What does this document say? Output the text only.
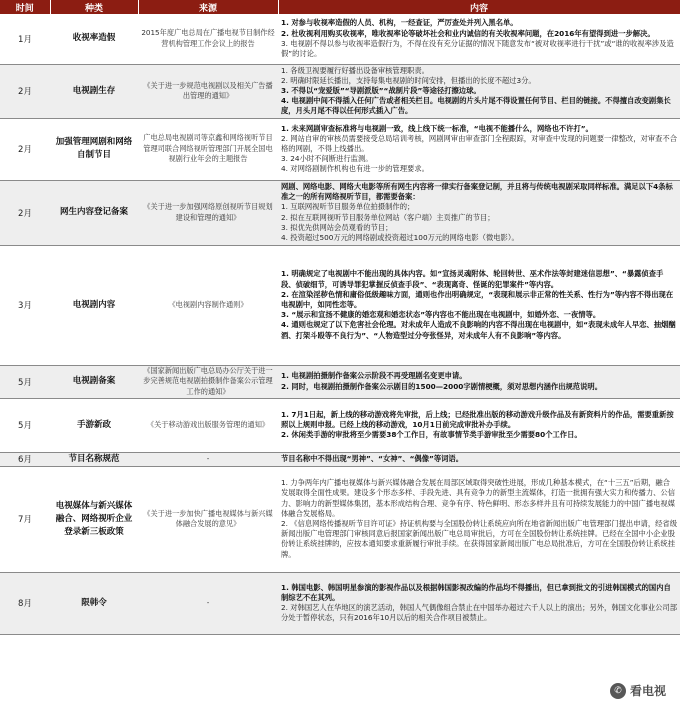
时间	种类	来源	内容
1月	收视率造假	2015年度广电总局在广播电视节目制作经营机构管理工作会议上的报告	1. 对参与收视率造假的人员、机构，一经查证，严厉查处并列入黑名单。

2. 杜收视利用购买收视率，唯收视率论等破坏社会和业内诚信的有关收视率问题，在2016年有望得到进一步解决。

3. 电视剧不得以参与收视率造假行为，不得在没有充分证据的情况下随意发布“被对收视率进行干扰”或“谁的收视率涉及造假”的讨论。

2月	电视剧生存	《关于进一步规范电视剧以及相关广告播出管理的通知》	1. 各级卫视要履行好播出设备审核管理职责。

2. 明确时限延长播出，支持每集电视剧的时间安排，但播出的长度不超过3分。

3. 不得以“宠爱版”“导剧派版”“战制片段”等途径打擦边球。

4. 电视剧中间不得插入任何广告或者相关栏目。电视剧的片头片尾不得设置任何节目、栏目的链接。不得擅自改变剧集长度，月头月尾不得以任何形式插入广告。

2月	加强管理网剧和网络自制节目	广电总局电视剧司等京鑫和网络视听节目管理司联合网络视听管理部门开展全国电视剧行业年会的主题报告	1. 未来网剧审查标准将与电视剧一致，线上线下统一标准，“电视不能播什么，网络也不许打”。

2. 网站自审的审核员需要接受总局培训考核，网剧网审由审查部门全程跟踪，对审查中发现的问题要一律整改，对审查不合格的网剧，不得上线播出。

3. 24小时不间断进行监测。

4. 对网络剧制作机构也有进一步的管理要求。

2月	网生内容登记备案	《关于进一步加强网络原创视听节目规划建设和管理的通知》	网剧、网络电影、网络大电影等所有网生内容将一律实行备案登记制，并且将与传统电视剧采取同样标准。满足以下4条标准之一的所有网络视听节目，都需要备案：

1. 互联网视听节目服务单位拍摄制作的；

2. 拟在互联网视听节目服务单位网站（客户端）主页推广的节目；

3. 拟优先供网站会员观看的节目；

4. 投资超过500万元的网络剧或投资超过100万元的网络电影（微电影）。

3月	电视剧内容	《电视剧内容制作通则》	1. 明确规定了电视剧中不能出现的具体内容。如“宣扬灵魂附体、轮回转世、巫术作法等封建迷信思想”、“暴露侦查手段、侦破细节，可诱导罪犯掌握反侦查手段”、“表现离奇、怪诞的犯罪案件”等内容。

2. 在渲染淫秽色情和庸俗低级趣味方面，通则也作出明确规定，“表现和展示非正常的性关系、性行为”等内容不得出现在电视剧中，如同性恋等。

3. “展示和宣扬不健康的婚恋观和婚恋状态”等内容也不能出现在电视剧中，如婚外恋、一夜情等。

4. 通则也规定了以下危害社会伦理。对未成年人造成不良影响的内容不得出现在电视剧中，如“表现未成年人早恋、抽烟酗酒、打架斗殴等不良行为”、“人物造型过分夸张怪异，对未成年人有不良影响”等内容。

5月	电视剧备案	《国家新闻出版广电总局办公厅关于进一步完善规范电视剧拍摄制作备案公示管理工作的通知》	1. 电视剧拍摄制作备案公示阶段不再受理剧名变更申请。

2. 同时，电视剧拍摄制作备案公示剧目的1500—2000字剧情梗概，须对思想内涵作出规范说明。

5月	手游新政	《关于移动游戏出版服务管理的通知》	1. 7月1日起，新上线的移动游戏将先审批，后上线；已经批准出版的移动游戏升级作品及有新资料片的作品，需要重新按照以上规则申报。已经上线的移动游戏，10月1日前完成审批补办手续。

2. 休闲类手游的审批将至少需要38个工作日，有故事情节类手游审批至少需要80个工作日。

6月	节目名称规范	-	节目名称中不得出现“男神”、“女神”、“偶像”等词语。

7月	电视媒体与新兴媒体融合、网络视听企业登录新三板政策	《关于进一步加快广播电视媒体与新兴媒体融合发展的意见》	1. 力争两年内广播电视媒体与新兴媒体融合发展在局部区域取得突破性进展，形成几种基本模式，在“十三五”后期，融合发展取得全面性成果。建设多个形态多样、手段先进、具有竞争力的新型主流媒体，打造一批拥有强大实力和传播力、公信力、影响力的新型媒体集团，基本形成结构合理、竞争有序、特色鲜明、形态多样并且有可持续发展能力的中国广播电视媒体融合发展格局。

2. 《信息网络传播视听节目许可证》持证机构要与全国股份转让系统应向所在地省新闻出版广电管理部门提出申请，经省级新闻出版广电管理部门审核同意后报国家新闻出版广电总局审批后，方可在全国股份转让系统挂牌。已经在全国中小企业股份转让系统挂牌的，应按本通知要求重新履行审批手续。在获得国家新闻出版广电总局批准后，方可在全国股份转让系统挂牌。

8月	限韩令	-	1. 韩国电影、韩国明星参演的影视作品以及根据韩国影视改编的作品均不得播出，但已拿到批文的引进韩国模式的国内自制综艺不在其列。

2. 对韩国艺人在华地区的演艺活动，韩国人气偶像组合禁止在中国举办超过六千人以上的演出；另外，韩国文化事业公司部分处于暂停状态，只有2016年10月以后的相关合作项目被禁止。

✆ 看电视
